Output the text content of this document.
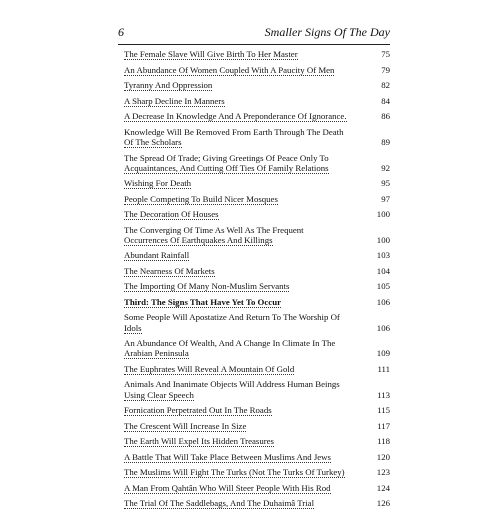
6	Smaller Signs Of The Day
The Female Slave Will Give Birth To Her Master	75
An Abundance Of Women Coupled With A Paucity Of Men	79
Tyranny And Oppression	82
A Sharp Decline In Manners	84
A Decrease In Knowledge And A Preponderance Of Ignorance.	86
Knowledge Will Be Removed From Earth Through The Death
Of The Scholars	89
The Spread Of Trade; Giving Greetings Of Peace Only To
Acquaintances, And Cutting Off Ties Of Family Relations	92
Wishing For Death	95
People Competing To Build Nicer Mosques	97
The Decoration Of Houses	100
The Converging Of Time As Well As The Frequent
Occurrences Of Earthquakes And Killings	100
Abundant Rainfall	103
The Nearness Of Markets	104
The Importing Of Many Non-Muslim Servants	105
Third: The Signs That Have Yet To Occur	106
Some People Will Apostatize And Return To The Worship Of
Idols	106
An Abundance Of Wealth, And A Change In Climate In The
Arabian Peninsula	109
The Euphrates Will Reveal A Mountain Of Gold	111
Animals And Inanimate Objects Will Address Human Beings
Using Clear Speech	113
Fornication Perpetrated Out In The Roads	115
The Crescent Will Increase In Size	117
The Earth Will Expel Its Hidden Treasures	118
A Battle That Will Take Place Between Muslims And Jews	120
The Muslims Will Fight The Turks (Not The Turks Of Turkey)	123
A Man From Qahtân Who Will Steer People With His Rod	124
The Trial Of The Saddlebags, And The Duhaimâ Trial	126
